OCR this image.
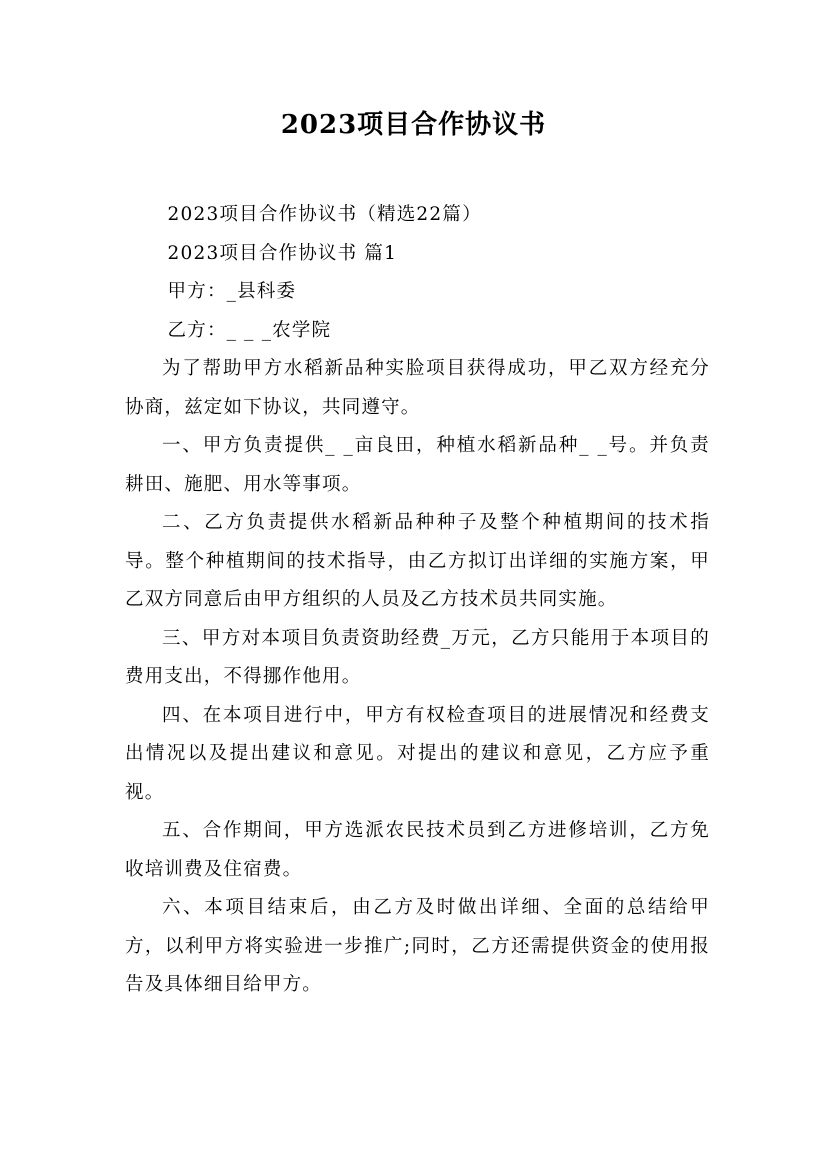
2023项目合作协议书

2023项目合作协议书（精选22篇）

2023项目合作协议书 篇1

甲方：_县科委

乙方：_ _ _农学院

为了帮助甲方水稻新品种实脸项目获得成功，甲乙双方经充分协商，兹定如下协议，共同遵守。

一、甲方负责提供_ _亩良田，种植水稻新品种_ _号。并负责耕田、施肥、用水等事项。

二、乙方负责提供水稻新品种种子及整个种植期间的技术指导。整个种植期间的技术指导，由乙方拟订出详细的实施方案，甲乙双方同意后由甲方组织的人员及乙方技术员共同实施。

三、甲方对本项目负责资助经费_万元，乙方只能用于本项目的费用支出，不得挪作他用。

四、在本项目进行中，甲方有权检查项目的进展情况和经费支出情况以及提出建议和意见。对提出的建议和意见，乙方应予重视。

五、合作期间，甲方选派农民技术员到乙方进修培训，乙方免收培训费及住宿费。

六、本项目结束后，由乙方及时做出详细、全面的总结给甲方，以利甲方将实验进一步推广;同时，乙方还需提供资金的使用报告及具体细目给甲方。
